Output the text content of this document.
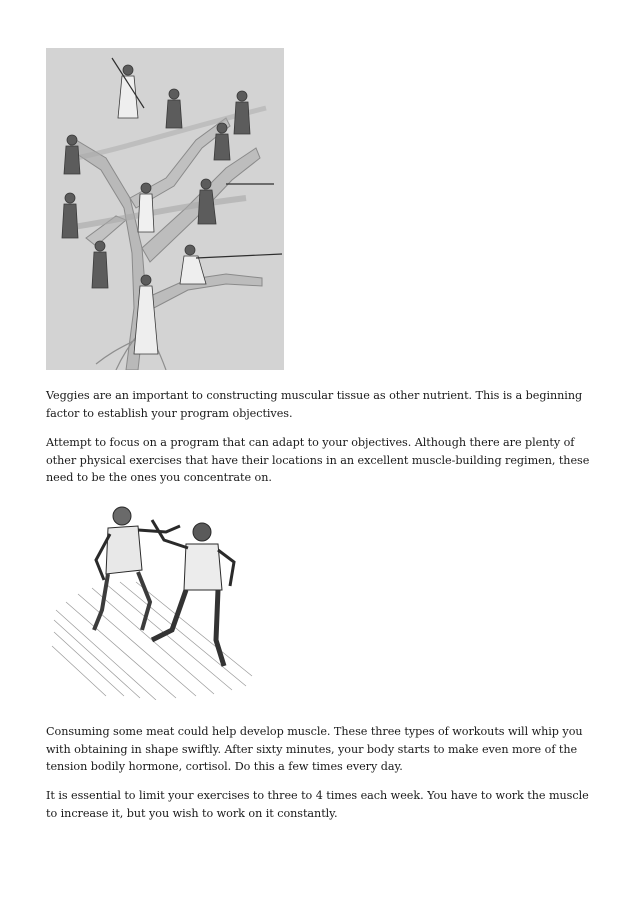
Veggies are an important to constructing muscular tissue as other nutrient. This is a beginning factor to establish your program objectives.

Attempt to focus on a program that can adapt to your objectives. Although there are plenty of other physical exercises that have their locations in an excellent muscle-building regimen, these need to be the ones you concentrate on.

Consuming some meat could help develop muscle. These three types of workouts will whip you with obtaining in shape swiftly. After sixty minutes, your body starts to make even more of the tension bodily hormone, cortisol. Do this a few times every day.

It is essential to limit your exercises to three to 4 times each week. You have to work the muscle to increase it, but you wish to work on it constantly.
